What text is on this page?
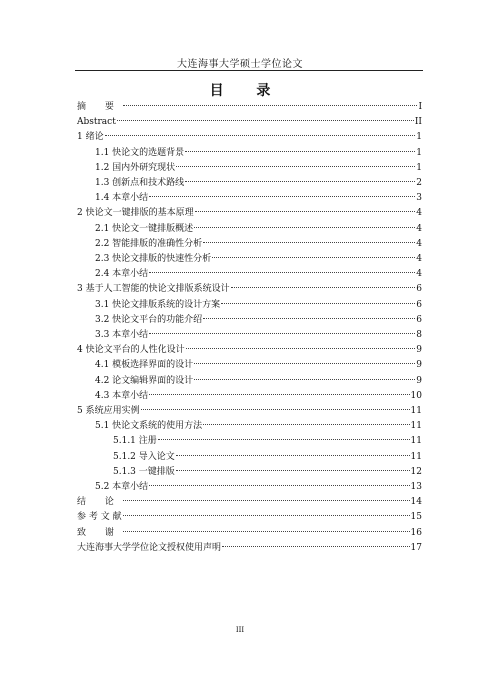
大连海事大学硕士学位论文
目 录
摘 要	I
Abstract	II
1 绪论	1
1.1 快论文的选题背景	1
1.2 国内外研究现状	1
1.3 创新点和技术路线	2
1.4 本章小结	3
2 快论文一键排版的基本原理	4
2.1 快论文一键排版概述	4
2.2 智能排版的准确性分析	4
2.3 快论文排版的快速性分析	4
2.4 本章小结	4
3 基于人工智能的快论文排版系统设计	6
3.1 快论文排版系统的设计方案	6
3.2 快论文平台的功能介绍	6
3.3 本章小结	8
4 快论文平台的人性化设计	9
4.1 模板选择界面的设计	9
4.2 论文编辑界面的设计	9
4.3 本章小结	10
5 系统应用实例	11
5.1 快论文系统的使用方法	11
5.1.1 注册	11
5.1.2 导入论文	11
5.1.3 一键排版	12
5.2 本章小结	13
结 论	14
参 考 文 献	15
致 谢	16
大连海事大学学位论文授权使用声明	17
III
